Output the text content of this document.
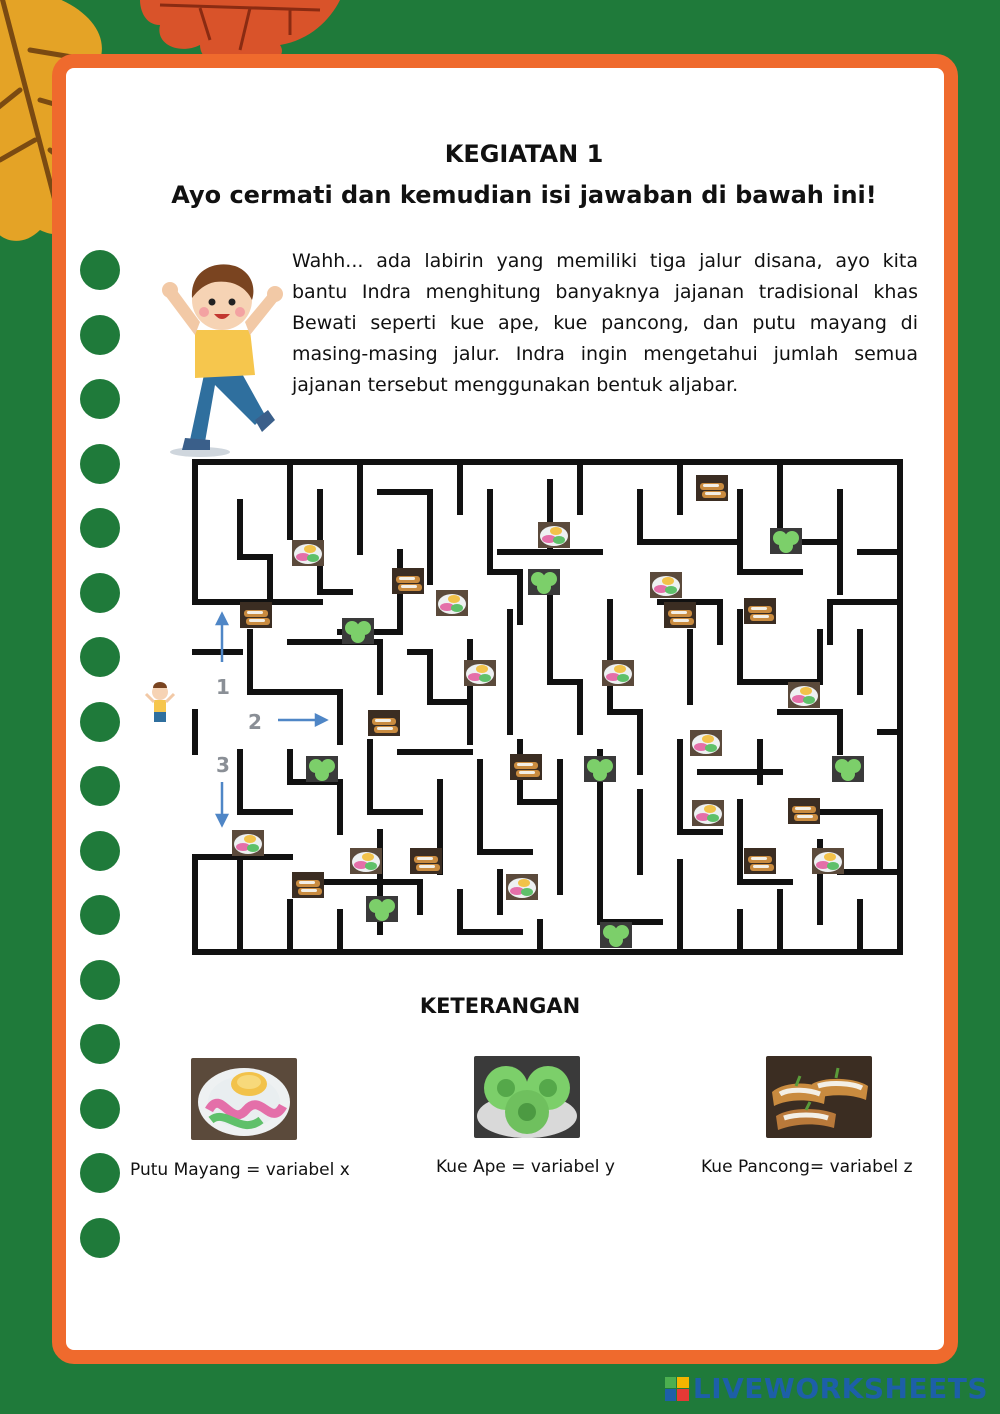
KEGIATAN 1
Ayo cermati dan kemudian isi jawaban di bawah ini!

Wahh... ada labirin yang memiliki tiga jalur disana, ayo kita bantu Indra menghitung banyaknya jajanan tradisional khas Bewati seperti kue ape, kue pancong, dan putu mayang di masing-masing jalur. Indra ingin mengetahui jumlah semua jajanan tersebut menggunakan bentuk aljabar.

1
2
3
KETERANGAN
Putu Mayang = variabel x	Kue Ape = variabel y	Kue Pancong= variabel z
LIVEWORKSHEETS
